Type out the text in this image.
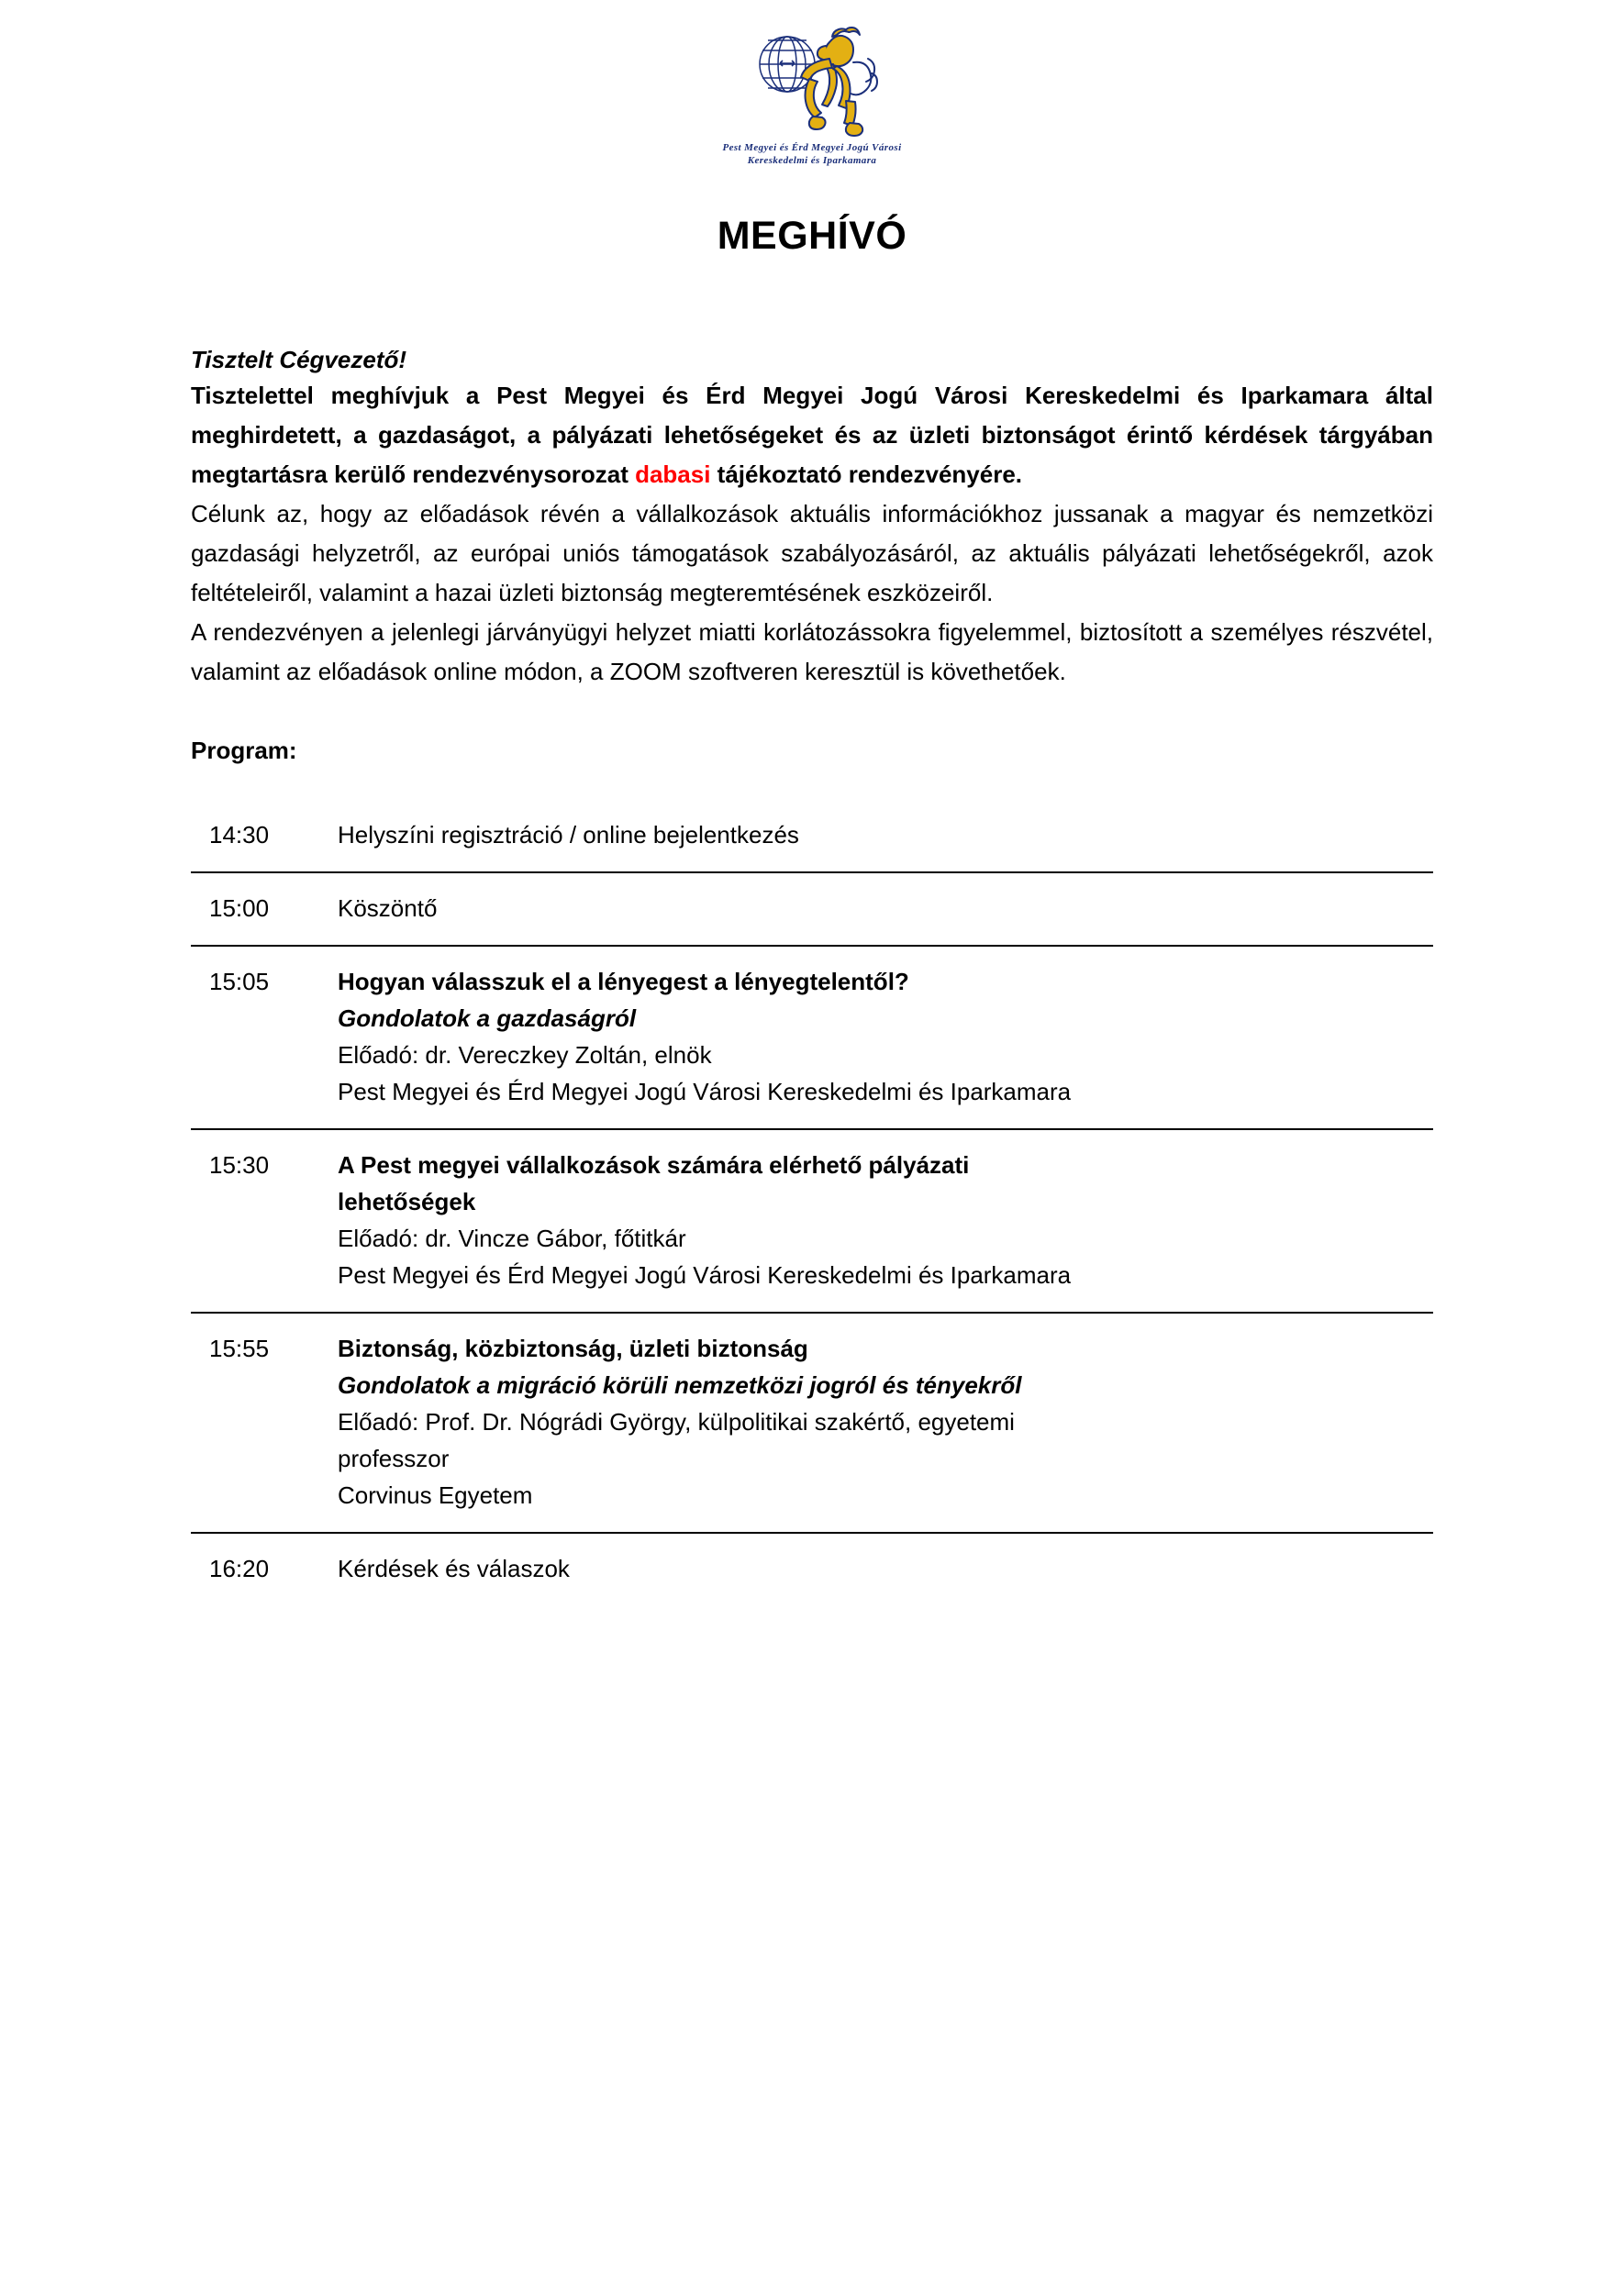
Pest Megyei és Érd Megyei Jogú Városi
Kereskedelmi és Iparkamara
MEGHÍVÓ
Tisztelt Cégvezető!

Tisztelettel meghívjuk a Pest Megyei és Érd Megyei Jogú Városi Kereskedelmi és Iparkamara által meghirdetett, a gazdaságot, a pályázati lehetőségeket és az üzleti biztonságot érintő kérdések tárgyában megtartásra kerülő rendezvénysorozat dabasi tájékoztató rendezvényére.

Célunk az, hogy az előadások révén a vállalkozások aktuális információkhoz jussanak a magyar és nemzetközi gazdasági helyzetről, az európai uniós támogatások szabályozásáról, az aktuális pályázati lehetőségekről, azok feltételeiről, valamint a hazai üzleti biztonság megteremtésének eszközeiről.

A rendezvényen a jelenlegi járványügyi helyzet miatti korlátozássokra figyelemmel, biztosított a személyes részvétel, valamint az előadások online módon, a ZOOM szoftveren keresztül is követhetőek.

Program:
14:30	Helyszíni regisztráció / online bejelentkezés

15:00	Köszöntő

15:05	Hogyan válasszuk el a lényegest a lényegtelentől?
Gondolatok a gazdaságról
Előadó: dr. Vereczkey Zoltán, elnök
Pest Megyei és Érd Megyei Jogú Városi Kereskedelmi és Iparkamara

15:30	A Pest megyei vállalkozások számára elérhető pályázati
lehetőségek
Előadó: dr. Vincze Gábor, főtitkár
Pest Megyei és Érd Megyei Jogú Városi Kereskedelmi és Iparkamara

15:55	Biztonság, közbiztonság, üzleti biztonság
Gondolatok a migráció körüli nemzetközi jogról és tényekről
Előadó: Prof. Dr. Nógrádi György, külpolitikai szakértő, egyetemi
professzor
Corvinus Egyetem

16:20	Kérdések és válaszok
